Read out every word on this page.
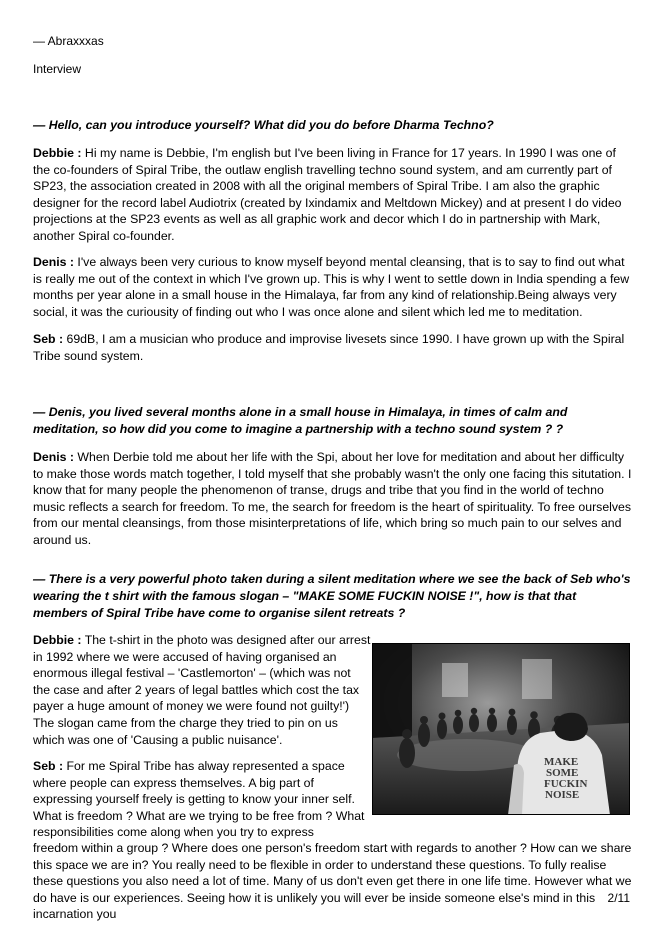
— Abraxxxas

Interview

— Hello, can you introduce yourself? What did you do before Dharma Techno?

Debbie : Hi my name is Debbie, I'm english but I've been living in France for 17 years. In 1990 I was one of the co-founders of Spiral Tribe, the outlaw english travelling techno sound system, and am currently part of SP23, the association created in 2008 with all the original members of Spiral Tribe. I am also the graphic designer for the record label Audiotrix (created by Ixindamix and Meltdown Mickey) and at present I do video projections at the SP23 events as well as all graphic work and decor which I do in partnership with Mark, another Spiral co-founder.

Denis : I've always been very curious to know myself beyond mental cleansing, that is to say to find out what is really me out of the context in which I've grown up. This is why I went to settle down in India spending a few months per year alone in a small house in the Himalaya, far from any kind of relationship.Being always very social, it was the curiousity of finding out who I was once alone and silent which led me to meditation.

Seb : 69dB, I am a musician who produce and improvise livesets since 1990. I have grown up with the Spiral Tribe sound system.

— Denis, you lived several months alone in a small house in Himalaya, in times of calm and meditation, so how did you come to imagine a partnership with a techno sound system ? ?

Denis : When Derbie told me about her life with the Spi, about her love for meditation and about her difficulty to make those words match together, I told myself that she probably wasn't the only one facing this situtation. I know that for many people the phenomenon of transe, drugs and tribe that you find in the world of techno music reflects a search for freedom. To me, the search for freedom is the heart of spirituality. To free ourselves from our mental cleansings, from those misinterpretations of life, which bring so much pain to our selves and around us.

— There is a very powerful photo taken during a silent meditation where we see the back of Seb who's wearing the t shirt with the famous slogan – "MAKE SOME FUCKIN NOISE !", how is that that members of Spiral Tribe have come to organise silent retreats ?

Debbie : The t-shirt in the photo was designed after our arrest in 1992 where we were accused of having organised an enormous illegal festival – 'Castlemorton' – (which was not the case and after 2 years of legal battles which cost the tax payer a huge amount of money we were found not guilty!') The slogan came from the charge they tried to pin on us which was one of 'Causing a public nuisance'.

Seb : For me Spiral Tribe has alway represented a space where people can express themselves. A big part of expressing yourself freely is getting to know your inner self. What is freedom ? What are we trying to be free from ? What responsibilities come along when you try to express

freedom within a group ? Where does one person's freedom start with regards to another ? How can we share this space we are in? You really need to be flexible in order to understand these questions. To fully realise these questions you also need a lot of time. Many of us don't even get there in one life time. However what we do have is our experiences. Seeing how it is unlikely you will ever be inside someone else's mind in this incarnation you

MAKE
SOME
FUCKIN
NOISE

2/11
